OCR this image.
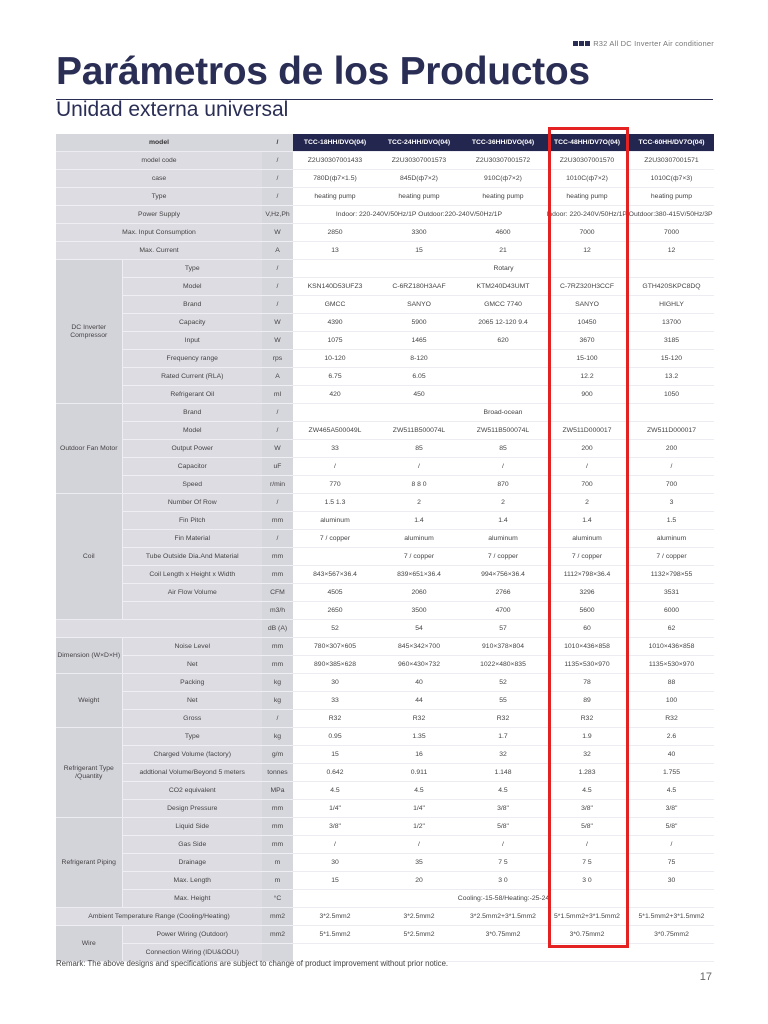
R32 All DC Inverter Air conditioner
Parámetros de los Productos
Unidad externa universal
model		/	TCC-18HH/DVO(04)	TCC-24HH/DVO(04)	TCC-36HH/DVO(04)	TCC-48HH/DV7O(04)	TCC-60HH/DV7O(04)
model code		/	Z2U30307001433	Z2U30307001573	Z2U30307001572	Z2U30307001570	Z2U30307001571
case		/	780D(ф7×1.5)	845D(ф7×2)	910C(ф7×2)	1010C(ф7×2)	1010C(ф7×3)
Type		/	heating pump	heating pump	heating pump	heating pump	heating pump
Power Supply		V,Hz,Ph	Indoor: 220-240V/50Hz/1P Outdoor:220-240V/50Hz/1P			Indoor: 220-240V/50Hz/1P Outdoor:380-415V/50Hz/3P	
Max. Input Consumption		W	2850	3300	4600	7000	7000
Max. Current		A	13	15	21	12	12
DC Inverter Compressor	Type	/	Rotary				
	Model	/	KSN140D53UFZ3	C-6RZ180H3AAF	KTM240D43UMT	C-7RZ320H3CCF	GTH420SKPC8DQ
	Brand	/	GMCC	SANYO	GMCC 7740	SANYO	HIGHLY
	Capacity	W	4390	5900	2065 12-120 9.4	10450	13700
	Input	W	1075	1465	620	3670	3185
	Frequency range	rps	10-120	8-120		15-100	15-120
	Rated Current (RLA)	A	6.75	6.05		12.2	13.2
	Refrigerant Oil	ml	420	450		900	1050
Outdoor Fan Motor	Brand	/			Broad-ocean		
	Model	/	ZW465A500049L	ZW511B500074L	ZW511B500074L	ZW511D000017	ZW511D000017
	Output Power	W	33	85	85	200	200
	Capacitor	uF	/	/	/	/	/
	Speed	r/min	770	8 8 0	870	700	700
Coil	Number Of Row	/	1.5 1.3	2	2	2	3
	Fin Pitch	mm	aluminum	1.4	1.4	1.4	1.5
	Fin Material	/	7 / copper	aluminum	aluminum	aluminum	aluminum
	Tube Outside Dia.And Material	mm		7 / copper	7 / copper	7 / copper	7 / copper
	Coil Length x Height x Width	mm	843×567×36.4	839×651×36.4	994×756×36.4	1112×798×36.4	1132×798×55
	Air Flow Volume	CFM	4505	2060	2766	3296	3531
		m3/h	2650	3500	4700	5600	6000
		dB (A)	52	54	57	60	62
Dimension (W×D×H)	Noise Level	mm	780×307×605	845×342×700	910×378×804	1010×436×858	1010×436×858
	Net	mm	890×385×628	960×430×732	1022×480×835	1135×530×970	1135×530×970
Weight	Packing	kg	30	40	52	78	88
	Net	kg	33	44	55	89	100
	Gross	/	R32	R32	R32	R32	R32
Refrigerant Type /Quantity	Type	kg	0.95	1.35	1.7	1.9	2.6
	Charged Volume (factory)	g/m	15	16	32	32	40
	addtional Volume/Beyond 5 meters	tonnes	0.642	0.911	1.148	1.283	1.755
	CO2 equivalent	MPa	4.5	4.5	4.5	4.5	4.5
	Design Pressure	mm	1/4"	1/4"	3/8"	3/8"	3/8"
Refrigerant Piping	Liquid Side	mm	3/8"	1/2"	5/8"	5/8"	5/8"
	Gas Side	mm	/	/	/	/	/
	Drainage	m	30	35	7 5	7 5	75
	Max. Length	m	15	20	3 0	3 0	30
	Max. Height	°C	Cooling:-15-58/Heating:-25-24				
Ambient Temperature Range (Cooling/Heating)		mm2	3*2.5mm2	3*2.5mm2	3*2.5mm2+3*1.5mm2	5*1.5mm2+3*1.5mm2	5*1.5mm2+3*1.5mm2
Wire	Power Wiring (Outdoor)	mm2	5*1.5mm2	5*2.5mm2	3*0.75mm2	3*0.75mm2	3*0.75mm2
	Connection Wiring (IDU&ODU)						
Remark: The above designs and specifications are subject to change of product improvement without prior notice.
17
